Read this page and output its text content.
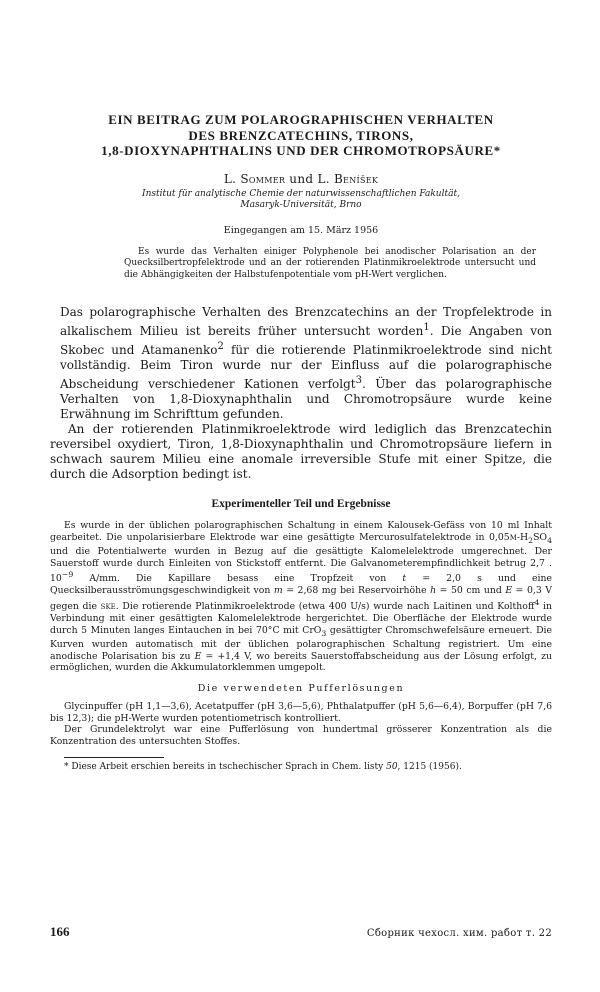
EIN BEITRAG ZUM POLAROGRAPHISCHEN VERHALTEN
DES BRENZCATECHINS, TIRONS,
1,8-DIOXYNAPHTHALINS UND DER CHROMOTROPSÄURE*
L. Sommer und L. Beníšek
Institut für analytische Chemie der naturwissenschaftlichen Fakultät,
Masaryk-Universität, Brno
Eingegangen am 15. März 1956
Es wurde das Verhalten einiger Polyphenole bei anodischer Polarisation an der Quecksilbertropfelektrode und an der rotierenden Platinmikroelektrode untersucht und die Abhängigkeiten der Halbstufenpotentiale vom pH-Wert verglichen.

Das polarographische Verhalten des Brenzcatechins an der Tropfelektrode in alkalischem Milieu ist bereits früher untersucht worden$^1$. Die Angaben von Skobec und Atamanenko$^2$ für die rotierende Platinmikroelektrode sind nicht vollständig. Beim Tiron wurde nur der Einfluss auf die polarographische Abscheidung verschiedener Kationen verfolgt$^3$. Über das polarographische Verhalten von 1,8-Dioxynaphthalin und Chromotropsäure wurde keine Erwähnung im Schrifttum gefunden.

An der rotierenden Platinmikroelektrode wird lediglich das Brenzcatechin reversibel oxydiert, Tiron, 1,8-Dioxynaphthalin und Chromotropsäure liefern in schwach saurem Milieu eine anomale irreversible Stufe mit einer Spitze, die durch die Adsorption bedingt ist.

Experimenteller Teil und Ergebnisse

Es wurde in der üblichen polarographischen Schaltung in einem Kalousek-Gefäss von 10 ml Inhalt gearbeitet. Die unpolarisierbare Elektrode war eine gesättigte Mercurosulfatelektrode in $0,05M-H_2SO_4$ und die Potentialwerte wurden in Bezug auf die gesättigte Kalomelelektrode umgerechnet. Der Sauerstoff wurde durch Einleiten von Stickstoff entfernt. Die Galvanometerempfindlichkeit betrug 2,7 . $10^{-9}$ A/mm. Die Kapillare besass eine Tropfzeit von t = 2,0 s und eine Quecksilberausströmungsgeschwindigkeit von m = 2,68 mg bei Reservoirhöhe h = 50 cm und E = 0,3 V gegen die SKE. Die rotierende Platinmikroelektrode (etwa 400 U/s) wurde nach Laitinen und Kolthoff$^4$ in Verbindung mit einer gesättigten Kalomelelektrode hergerichtet. Die Oberfläche der Elektrode wurde durch 5 Minuten langes Eintauchen in bei 70°C mit CrO$_3$ gesättigter Chromschwefelsäure erneuert. Die Kurven wurden automatisch mit der üblichen polarographischen Schaltung registriert. Um eine anodische Polarisation bis zu E = +1,4 V, wo bereits Sauerstoffabscheidung aus der Lösung erfolgt, zu ermöglichen, wurden die Akkumulatorklemmen umgepolt.

Die verwendeten Pufferlösungen

Glycinpuffer (pH 1,1—3,6), Acetatpuffer (pH 3,6—5,6), Phthalatpuffer (pH 5,6—6,4), Borpuffer (pH 7,6 bis 12,3); die pH-Werte wurden potentiometrisch kontrolliert.

Der Grundelektrolyt war eine Pufferlösung von hundertmal grösserer Konzentration als die Konzentration des untersuchten Stoffes.

* Diese Arbeit erschien bereits in tschechischer Sprach in Chem. listy 50, 1215 (1956).
166	Сборник чехосл. хим. работ т. 22
